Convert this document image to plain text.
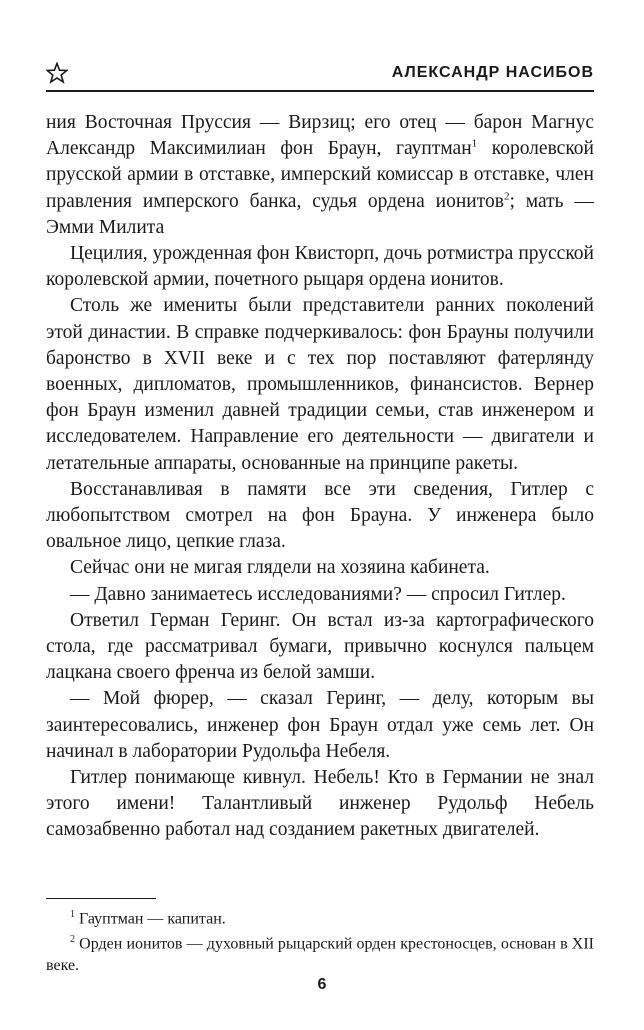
АЛЕКСАНДР НАСИБОВ

ния Восточная Пруссия — Вирзиц; его отец — барон Магнус Александр Максимилиан фон Браун, гауптман$^1$ королевской прусской армии в отставке, имперский комиссар в отставке, член правления имперского банка, судья ордена ионитов$^2$; мать — Эмми Милита

Цецилия, урожденная фон Квисторп, дочь ротмистра прусской королевской армии, почетного рыцаря ордена ионитов.

Столь же имениты были представители ранних поколений этой династии. В справке подчеркивалось: фон Брауны получили баронство в XVII веке и с тех пор поставляют фатерлянду военных, дипломатов, промышленников, финансистов. Вернер фон Браун изменил давней традиции семьи, став инженером и исследователем. Направление его деятельности — двигатели и летательные аппараты, основанные на принципе ракеты.

Восстанавливая в памяти все эти сведения, Гитлер с любопытством смотрел на фон Брауна. У инженера было овальное лицо, цепкие глаза.

Сейчас они не мигая глядели на хозяина кабинета.

— Давно занимаетесь исследованиями? — спросил Гитлер.

Ответил Герман Геринг. Он встал из-за картографического стола, где рассматривал бумаги, привычно коснулся пальцем лацкана своего френча из белой замши.

— Мой фюрер, — сказал Геринг, — делу, которым вы заинтересовались, инженер фон Браун отдал уже семь лет. Он начинал в лаборатории Рудольфа Небеля.

Гитлер понимающе кивнул. Небель! Кто в Германии не знал этого имени! Талантливый инженер Рудольф Небель самозабвенно работал над созданием ракетных двигателей.

$^1$ Гауптман — капитан.

$^2$ Орден ионитов — духовный рыцарский орден крестоносцев, основан в XII веке.

6
